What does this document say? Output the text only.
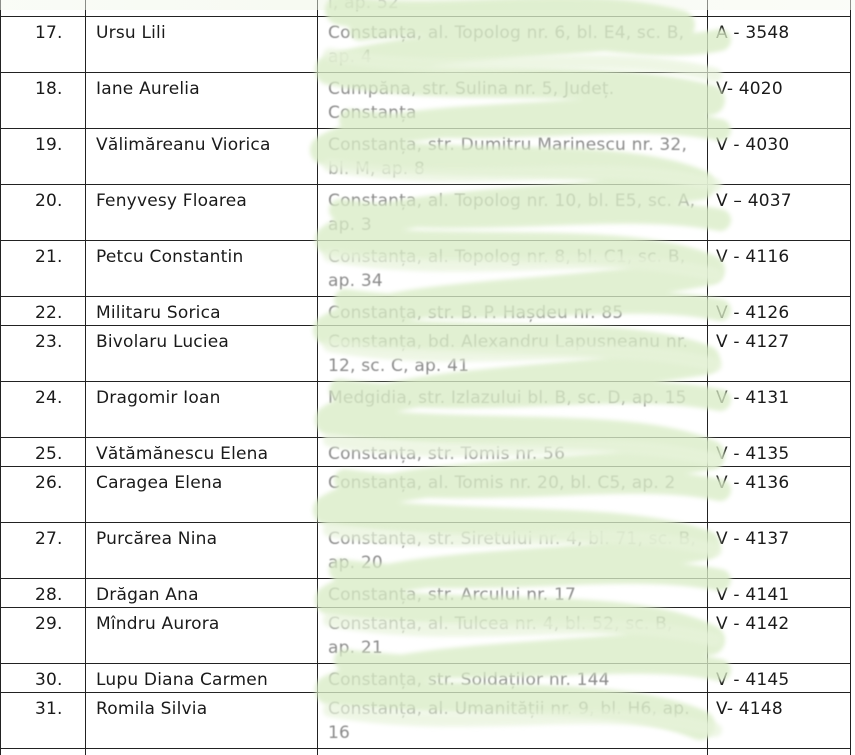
17.	Ursu Lili	Constanța, al. Topolog nr. 6, bl. E4, sc. B, ap. 4	A - 3548
18.	Iane Aurelia	Cumpăna, str. Sulina nr. 5, Județ. Constanța	V- 4020
19.	Vălimăreanu Viorica	Constanța, str. Dumitru Marinescu nr. 32, bl. M, ap. 8	V - 4030
20.	Fenyvesy Floarea	Constanța, al. Topolog nr. 10, bl. E5, sc. A, ap. 3	V – 4037
21.	Petcu Constantin	Constanța, al. Topolog nr. 8, bl. C1, sc. B, ap. 34	V - 4116
22.	Militaru Sorica	Constanța, str. B. P. Hașdeu nr. 85	V - 4126
23.	Bivolaru Luciea	Constanța, bd. Alexandru Lapusneanu nr. 12, sc. C, ap. 41	V - 4127
24.	Dragomir Ioan	Medgidia, str. Izlazului bl. B, sc. D, ap. 15	V - 4131
25.	Vătămănescu Elena	Constanța, str. Tomis nr. 56	V - 4135
26.	Caragea Elena	Constanța, al. Tomis nr. 20, bl. C5, ap. 2	V - 4136
27.	Purcărea Nina	Constanța, str. Siretului nr. 4, bl. 71, sc. B, ap. 20	V - 4137
28.	Drăgan Ana	Constanța, str. Arcului nr. 17	V - 4141
29.	Mîndru Aurora	Constanța, al. Tulcea nr. 4, bl. 52, sc. B, ap. 21	V - 4142
30.	Lupu Diana Carmen	Constanța, str. Soldaților nr. 144	V - 4145
31.	Romila Silvia	Constanța, al. Umanității nr. 9, bl. H6, ap. 16	V- 4148
